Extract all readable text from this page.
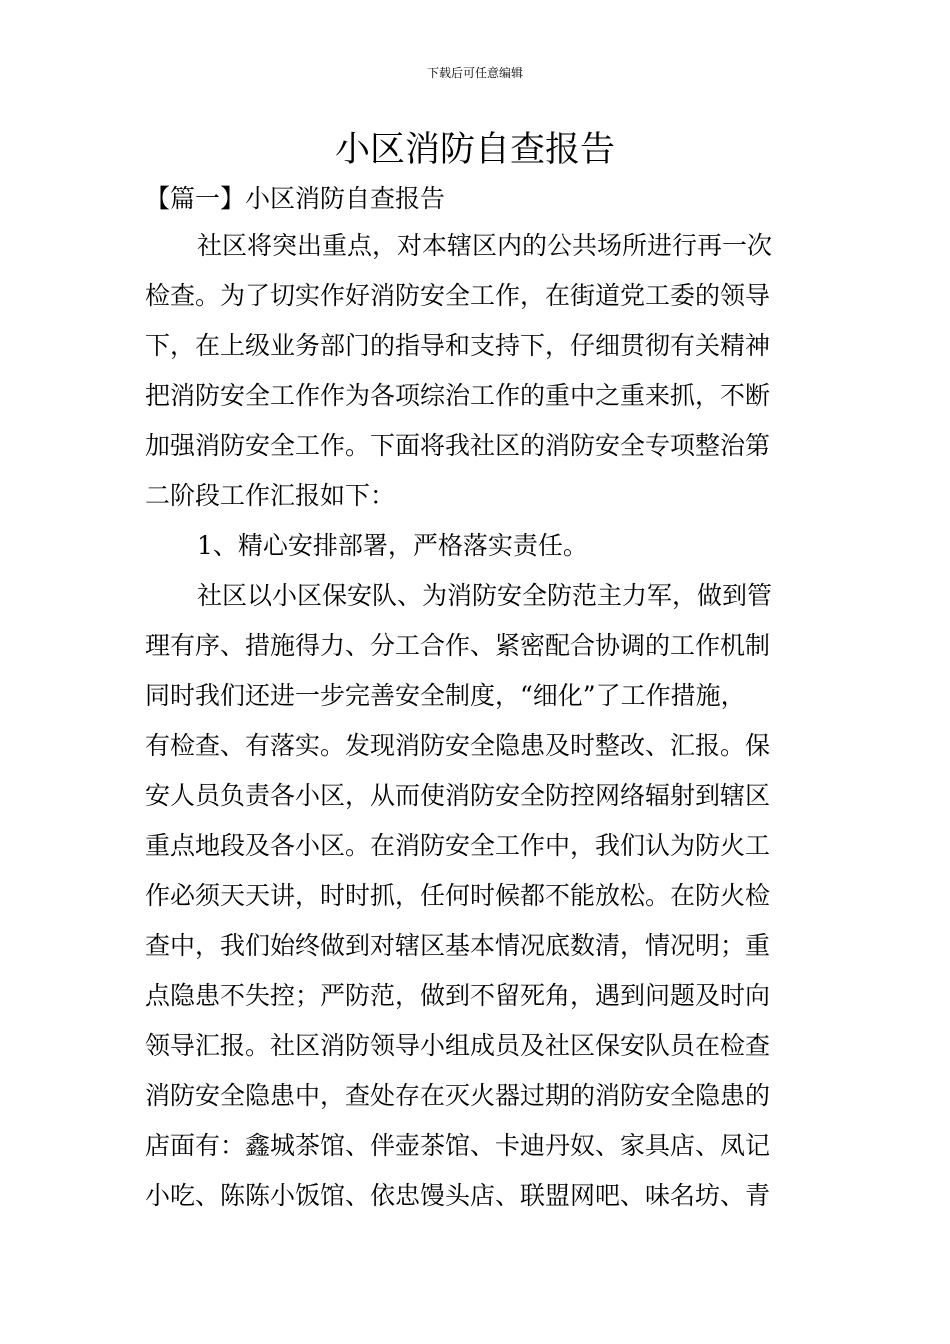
下载后可任意编辑
小区消防自查报告
【篇一】小区消防自查报告
社区将突出重点，对本辖区内的公共场所进行再一次
检查。为了切实作好消防安全工作，在街道党工委的领导
下，在上级业务部门的指导和支持下，仔细贯彻有关精神
把消防安全工作作为各项综治工作的重中之重来抓，不断
加强消防安全工作。下面将我社区的消防安全专项整治第
二阶段工作汇报如下：
1、精心安排部署，严格落实责任。
社区以小区保安队、为消防安全防范主力军，做到管
理有序、措施得力、分工合作、紧密配合协调的工作机制
同时我们还进一步完善安全制度，“细化”了工作措施，
有检查、有落实。发现消防安全隐患及时整改、汇报。保
安人员负责各小区，从而使消防安全防控网络辐射到辖区
重点地段及各小区。在消防安全工作中，我们认为防火工
作必须天天讲，时时抓，任何时候都不能放松。在防火检
查中，我们始终做到对辖区基本情况底数清，情况明；重
点隐患不失控；严防范，做到不留死角，遇到问题及时向
领导汇报。社区消防领导小组成员及社区保安队员在检查
消防安全隐患中，查处存在灭火器过期的消防安全隐患的
店面有：鑫城茶馆、伴壶茶馆、卡迪丹奴、家具店、凤记
小吃、陈陈小饭馆、依忠馒头店、联盟网吧、味名坊、青
